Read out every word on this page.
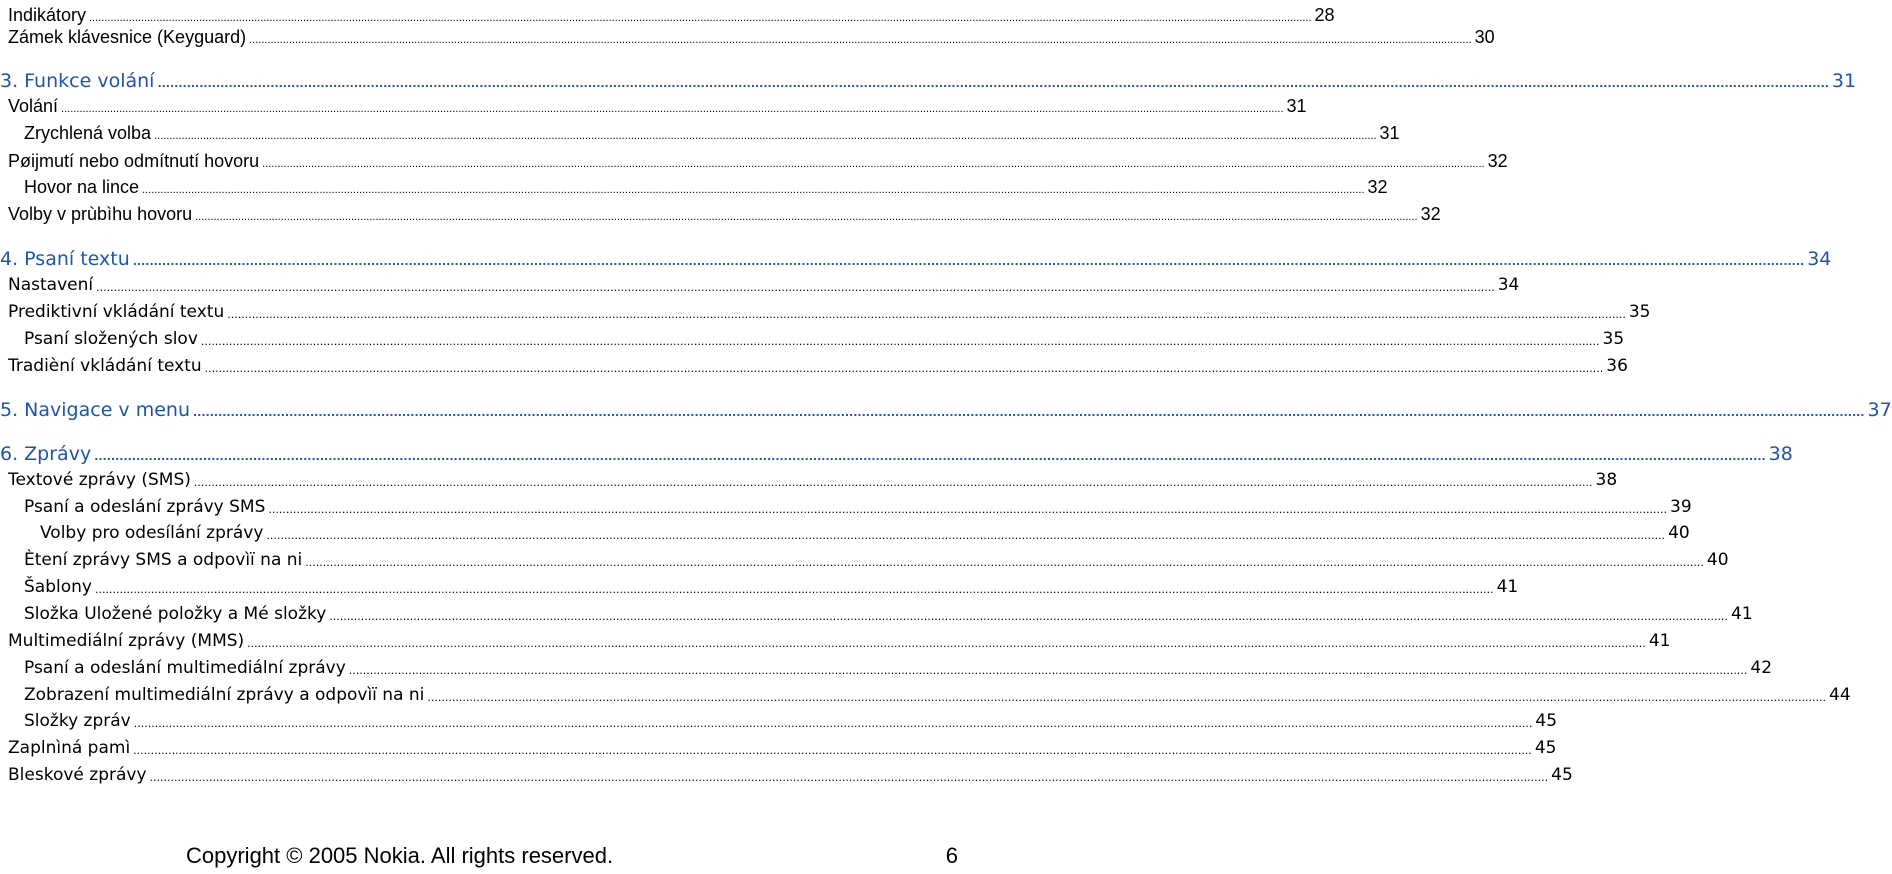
Indikátory ................................................................................................................................................................................................................................................................................................................................................................................................................ 28
Zámek klávesnice (Keyguard) ................................................................................................................................................................................................................................................................................................................................................................................................................ 30
3. Funkce volání ................................................................................................................................................................................................................................................................................................................................................................................................................ 31
Volání ................................................................................................................................................................................................................................................................................................................................................................................................................ 31
Zrychlená volba ................................................................................................................................................................................................................................................................................................................................................................................................................ 31
Pøijmutí nebo odmítnutí hovoru ................................................................................................................................................................................................................................................................................................................................................................................................................ 32
Hovor na lince ................................................................................................................................................................................................................................................................................................................................................................................................................ 32
Volby v prùbìhu hovoru ................................................................................................................................................................................................................................................................................................................................................................................................................ 32
4. Psaní textu ................................................................................................................................................................................................................................................................................................................................................................................................................ 34
Nastavení ................................................................................................................................................................................................................................................................................................................................................................................................................ 34
Prediktivní vkládání textu ................................................................................................................................................................................................................................................................................................................................................................................................................ 35
Psaní složených slov ................................................................................................................................................................................................................................................................................................................................................................................................................ 35
Tradièní vkládání textu ................................................................................................................................................................................................................................................................................................................................................................................................................ 36
5. Navigace v menu ................................................................................................................................................................................................................................................................................................................................................................................................................ 37
6. Zprávy ................................................................................................................................................................................................................................................................................................................................................................................................................ 38
Textové zprávy (SMS) ................................................................................................................................................................................................................................................................................................................................................................................................................ 38
Psaní a odeslání zprávy SMS ................................................................................................................................................................................................................................................................................................................................................................................................................ 39
Volby pro odesílání zprávy ................................................................................................................................................................................................................................................................................................................................................................................................................ 40
Ètení zprávy SMS a odpovìï na ni ................................................................................................................................................................................................................................................................................................................................................................................................................ 40
Šablony ................................................................................................................................................................................................................................................................................................................................................................................................................ 41
Složka Uložené položky a Mé složky ................................................................................................................................................................................................................................................................................................................................................................................................................ 41
Multimediální zprávy (MMS) ................................................................................................................................................................................................................................................................................................................................................................................................................ 41
Psaní a odeslání multimediální zprávy ................................................................................................................................................................................................................................................................................................................................................................................................................ 42
Zobrazení multimediální zprávy a odpovìï na ni ................................................................................................................................................................................................................................................................................................................................................................................................................ 44
Složky zpráv ................................................................................................................................................................................................................................................................................................................................................................................................................ 45
Zaplnìná pamì ................................................................................................................................................................................................................................................................................................................................................................................................................ 45
Bleskové zprávy ................................................................................................................................................................................................................................................................................................................................................................................................................ 45
Copyright © 2005 Nokia. All rights reserved.	6
